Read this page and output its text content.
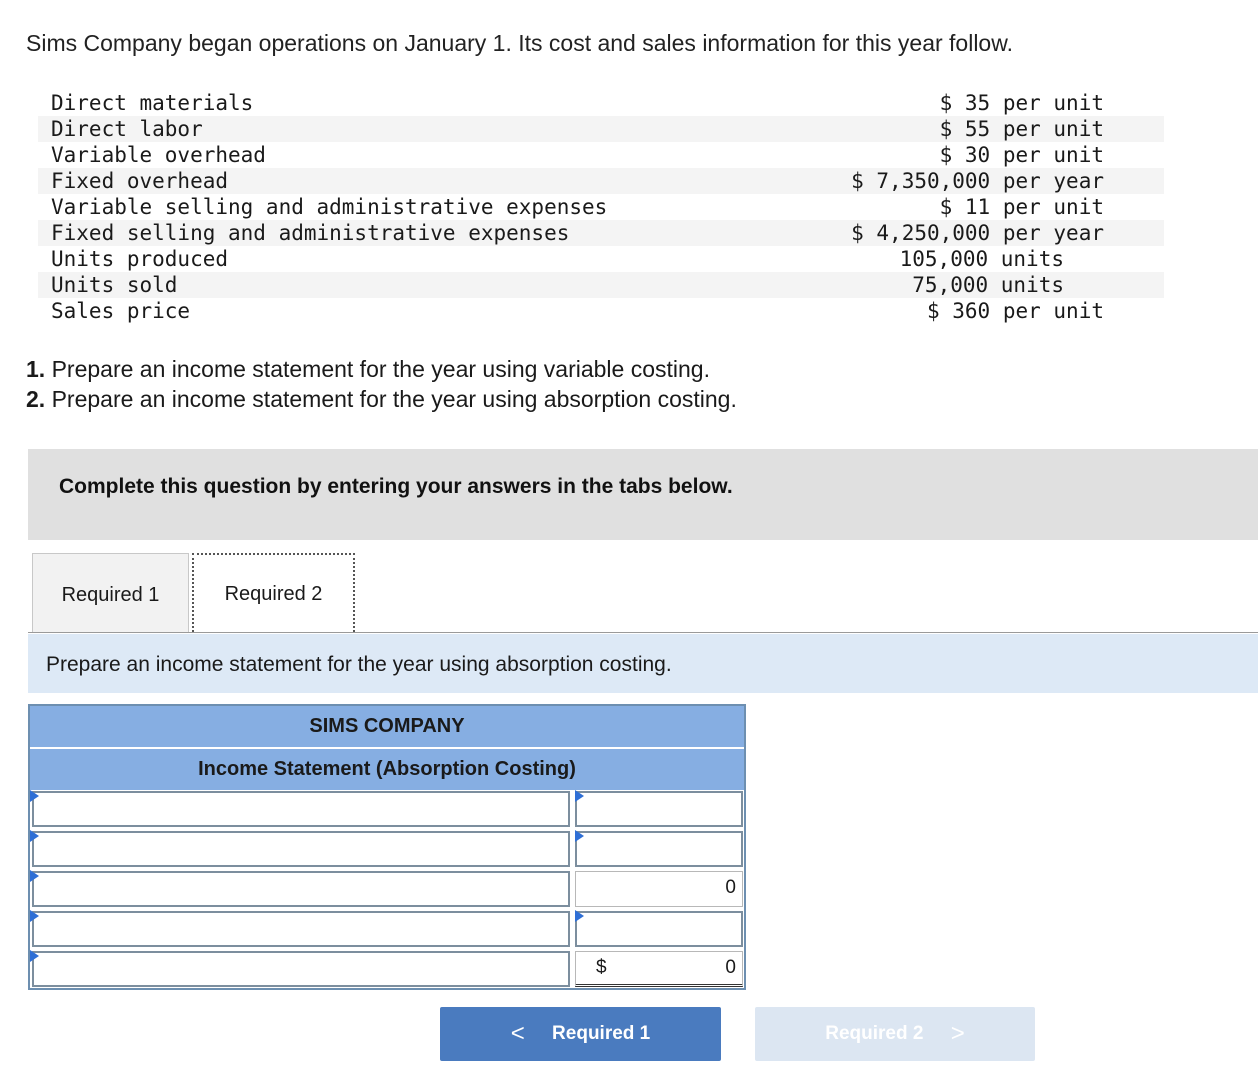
Sims Company began operations on January 1. Its cost and sales information for this year follow.
Direct materials	$ 35 per unit
Direct labor	$ 55 per unit
Variable overhead	$ 30 per unit
Fixed overhead	$ 7,350,000 per year
Variable selling and administrative expenses	$ 11 per unit
Fixed selling and administrative expenses	$ 4,250,000 per year
Units produced	105,000 units
Units sold	75,000 units
Sales price	$ 360 per unit
1. Prepare an income statement for the year using variable costing.
2. Prepare an income statement for the year using absorption costing.
Complete this question by entering your answers in the tabs below.
Required 1	Required 2
Prepare an income statement for the year using absorption costing.
SIMS COMPANY
Income Statement (Absorption Costing)
0
$	0
< Required 1	Required 2 >
